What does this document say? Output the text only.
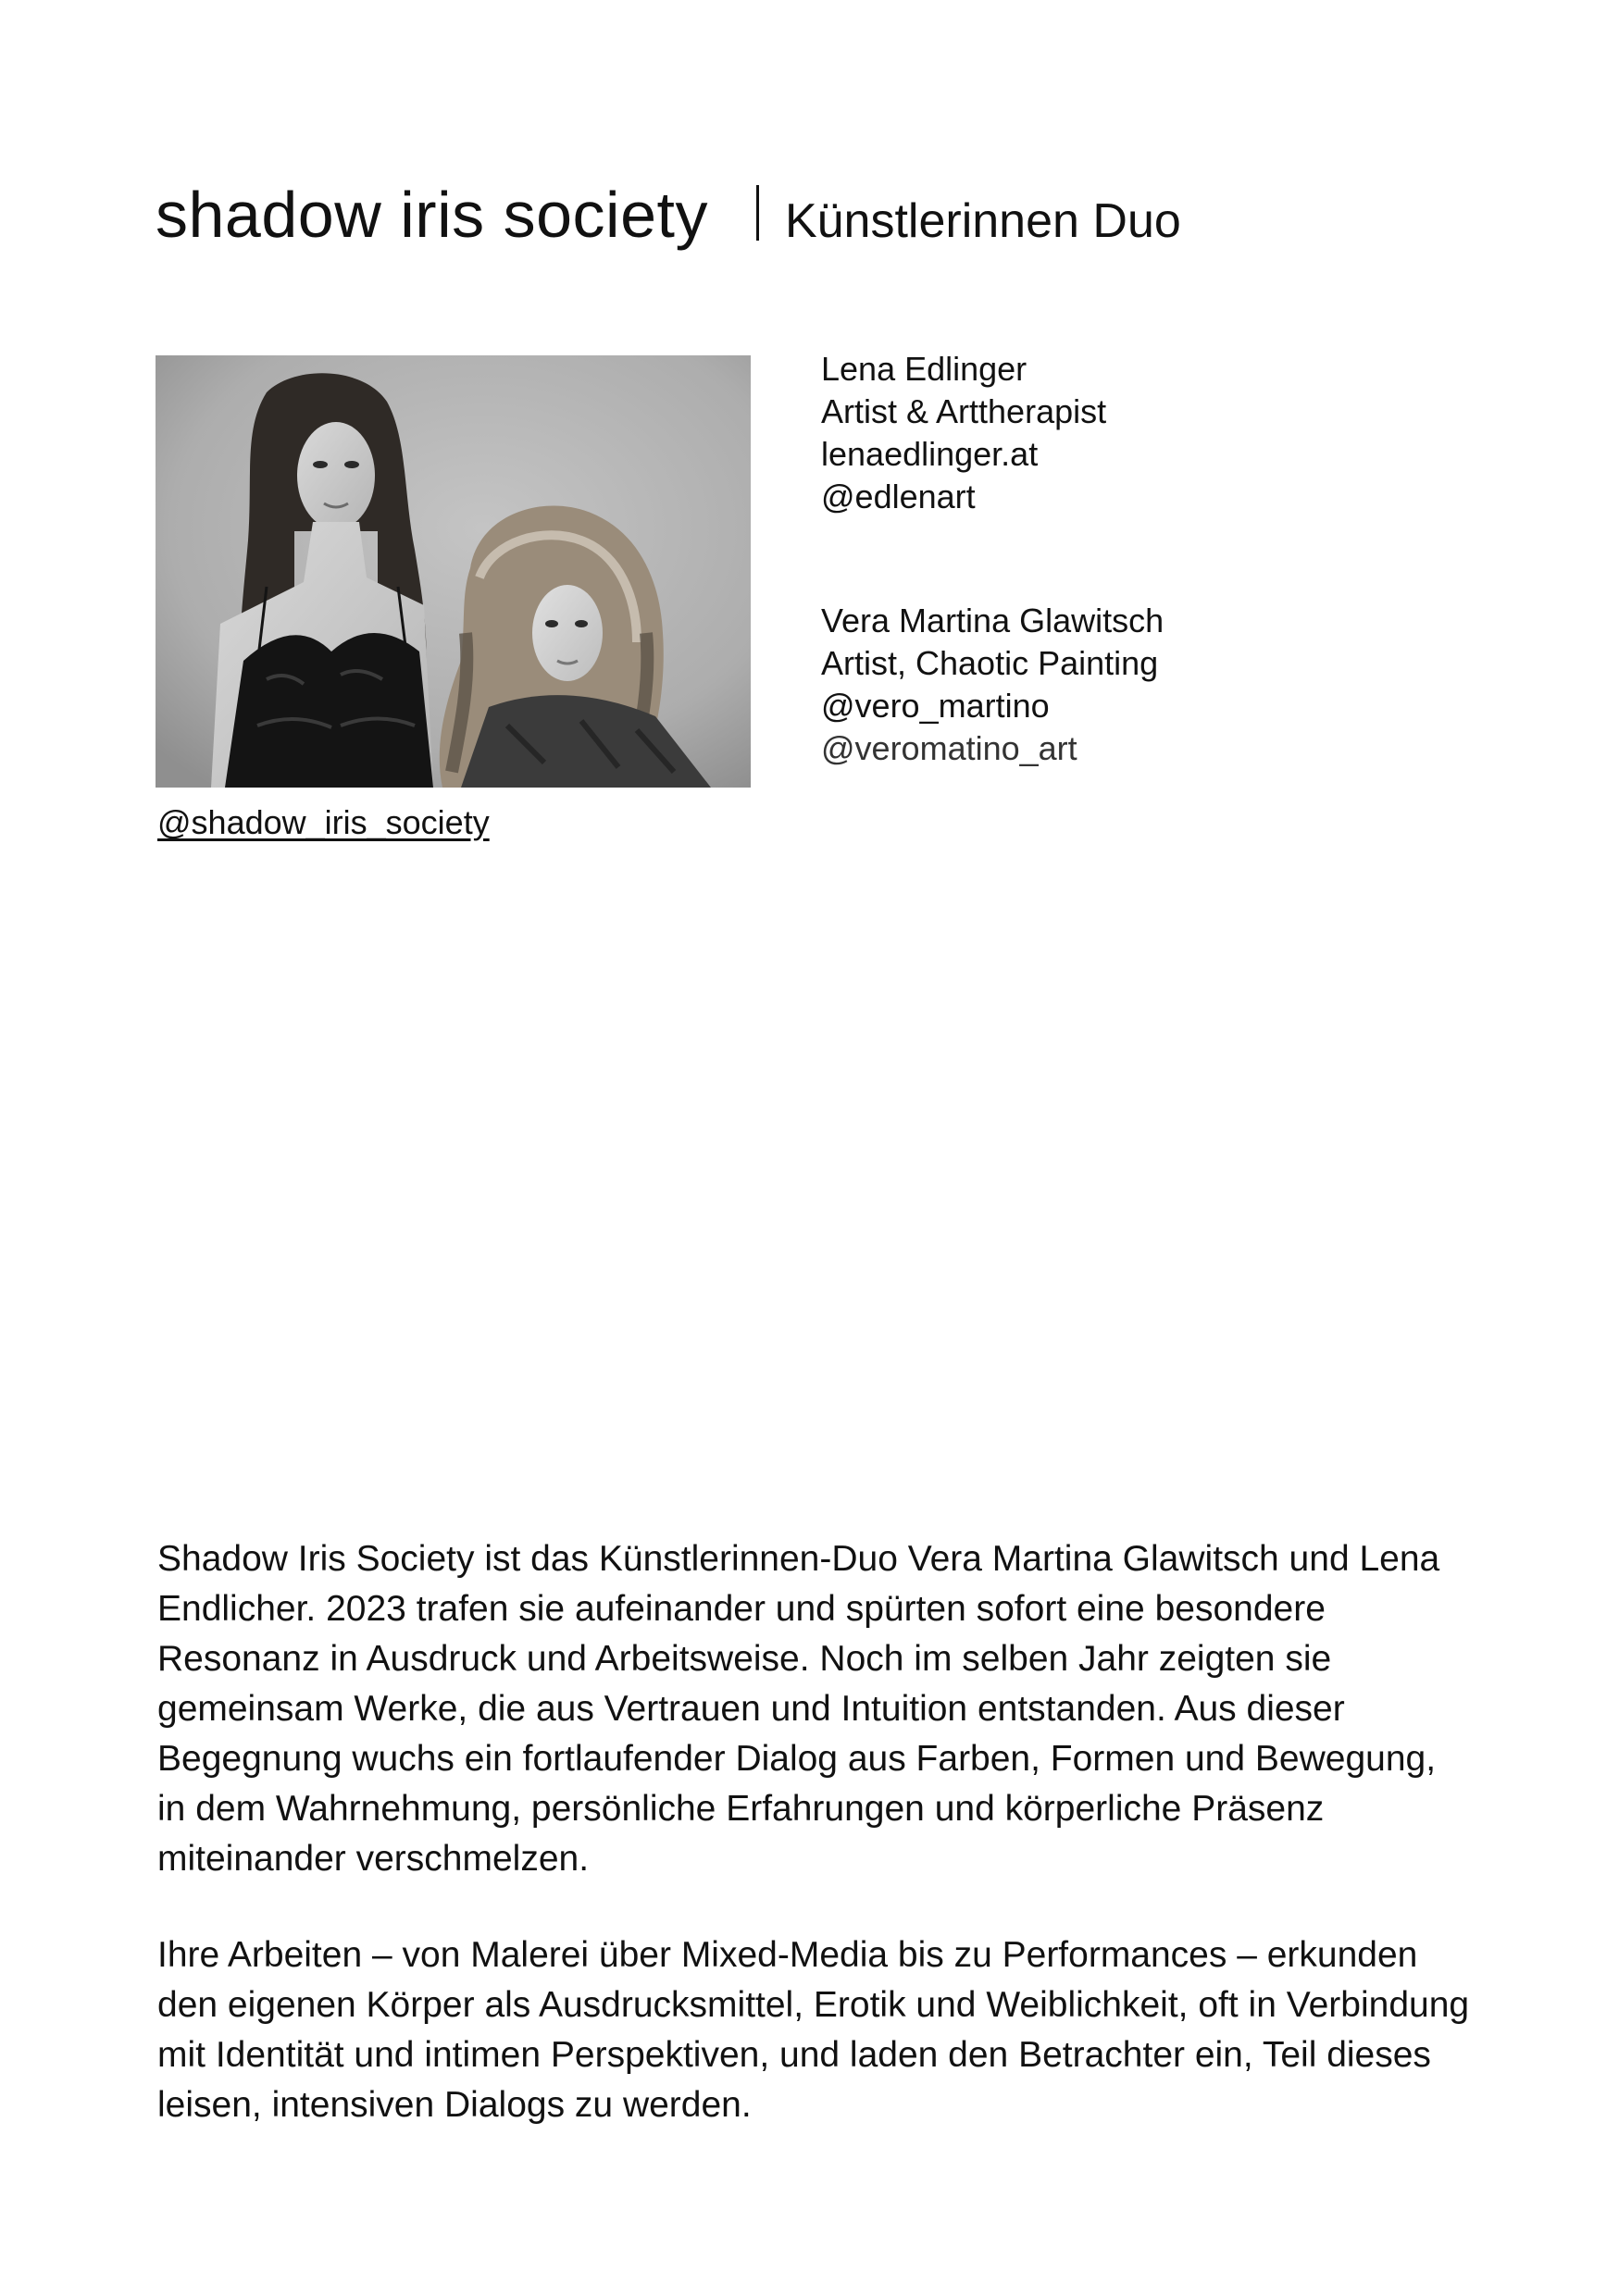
shadow iris society Künstlerinnen Duo
@shadow_iris_society
Lena Edlinger
Artist & Arttherapist
lenaedlinger.at
@edlenart
Vera Martina Glawitsch
Artist, Chaotic Painting
@vero_martino
@veromatino_art

Shadow Iris Society ist das Künstlerinnen-Duo Vera Martina Glawitsch und Lena Endlicher. 2023 trafen sie aufeinander und spürten sofort eine besondere Resonanz in Ausdruck und Arbeitsweise. Noch im selben Jahr zeigten sie gemeinsam Werke, die aus Vertrauen und Intuition entstanden. Aus dieser Begegnung wuchs ein fortlaufender Dialog aus Farben, Formen und Bewegung, in dem Wahrnehmung, persönliche Erfahrungen und körperliche Präsenz miteinander verschmelzen.

Ihre Arbeiten – von Malerei über Mixed-Media bis zu Performances – erkunden den eigenen Körper als Ausdrucksmittel, Erotik und Weiblichkeit, oft in Verbindung mit Identität und intimen Perspektiven, und laden den Betrachter ein, Teil dieses leisen, intensiven Dialogs zu werden.
